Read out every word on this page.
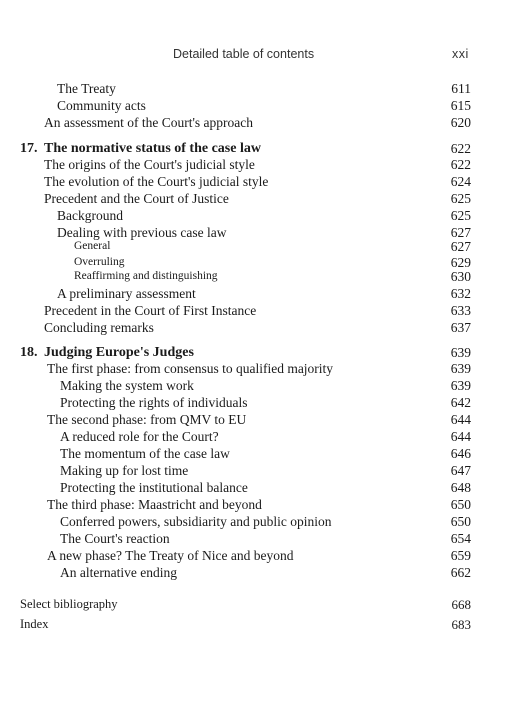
Detailed table of contents	xxi
The Treaty	611
Community acts	615
An assessment of the Court's approach	620
17. The normative status of the case law	622
The origins of the Court's judicial style	622
The evolution of the Court's judicial style	624
Precedent and the Court of Justice	625
Background	625
Dealing with previous case law	627
General	627
Overruling	629
Reaffirming and distinguishing	630
A preliminary assessment	632
Precedent in the Court of First Instance	633
Concluding remarks	637
18. Judging Europe's Judges	639
The first phase: from consensus to qualified majority	639
Making the system work	639
Protecting the rights of individuals	642
The second phase: from QMV to EU	644
A reduced role for the Court?	644
The momentum of the case law	646
Making up for lost time	647
Protecting the institutional balance	648
The third phase: Maastricht and beyond	650
Conferred powers, subsidiarity and public opinion	650
The Court's reaction	654
A new phase? The Treaty of Nice and beyond	659
An alternative ending	662
Select bibliography	668
Index	683
